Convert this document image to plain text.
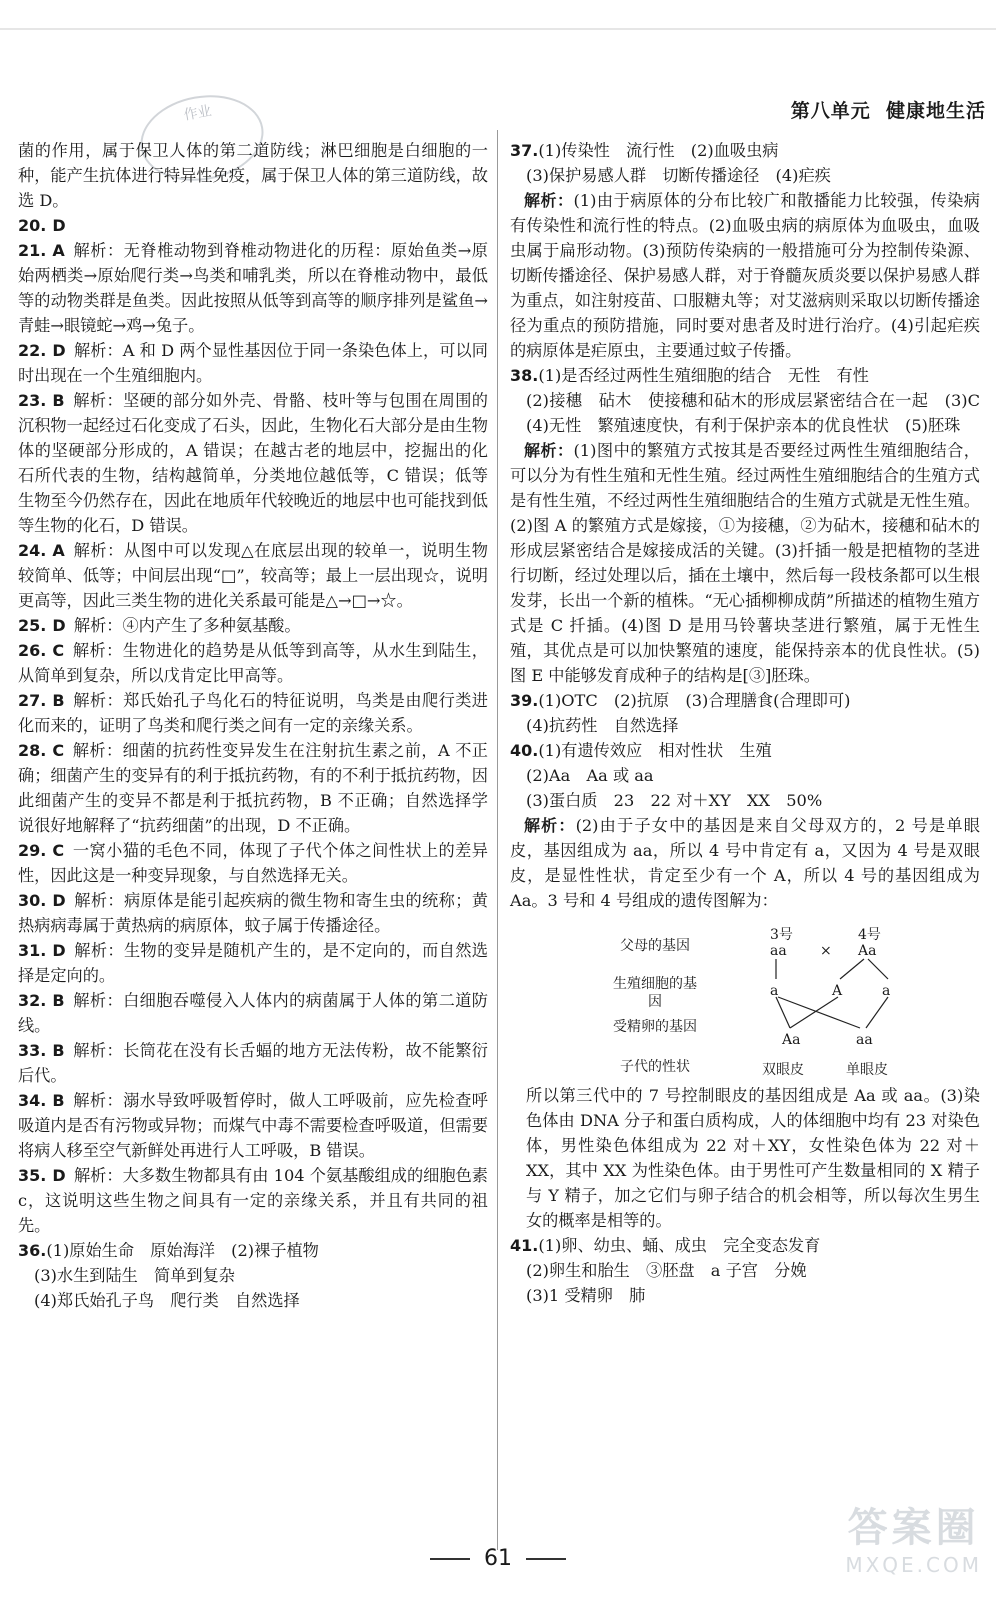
作业	第八单元 健康地生活

菌的作用，属于保卫人体的第二道防线；淋巴细胞是白细胞的一种，能产生抗体进行特异性免疫，属于保卫人体的第三道防线，故选 D。

20. D 

21. A  解析：无脊椎动物到脊椎动物进化的历程：原始鱼类→原始两栖类→原始爬行类→鸟类和哺乳类，所以在脊椎动物中，最低等的动物类群是鱼类。因此按照从低等到高等的顺序排列是鲨鱼→青蛙→眼镜蛇→鸡→兔子。

22. D  解析：A 和 D 两个显性基因位于同一条染色体上，可以同时出现在一个生殖细胞内。

23. B  解析：坚硬的部分如外壳、骨骼、枝叶等与包围在周围的沉积物一起经过石化变成了石头，因此，生物化石大部分是由生物体的坚硬部分形成的，A 错误；在越古老的地层中，挖掘出的化石所代表的生物，结构越简单，分类地位越低等，C 错误；低等生物至今仍然存在，因此在地质年代较晚近的地层中也可能找到低等生物的化石，D 错误。

24. A  解析：从图中可以发现△在底层出现的较单一，说明生物较简单、低等；中间层出现“□”，较高等；最上一层出现☆，说明更高等，因此三类生物的进化关系最可能是△→□→☆。

25. D  解析：④内产生了多种氨基酸。

26. C  解析：生物进化的趋势是从低等到高等，从水生到陆生，从简单到复杂，所以戊肯定比甲高等。

27. B  解析：郑氏始孔子鸟化石的特征说明，鸟类是由爬行类进化而来的，证明了鸟类和爬行类之间有一定的亲缘关系。

28. C  解析：细菌的抗药性变异发生在注射抗生素之前，A 不正确；细菌产生的变异有的利于抵抗药物，有的不利于抵抗药物，因此细菌产生的变异不都是利于抵抗药物，B 不正确；自然选择学说很好地解释了“抗药细菌”的出现，D 不正确。

29. C  一窝小猫的毛色不同，体现了子代个体之间性状上的差异性，因此这是一种变异现象，与自然选择无关。

30. D  解析：病原体是能引起疾病的微生物和寄生虫的统称；黄热病病毒属于黄热病的病原体，蚊子属于传播途径。

31. D  解析：生物的变异是随机产生的，是不定向的，而自然选择是定向的。

32. B  解析：白细胞吞噬侵入人体内的病菌属于人体的第二道防线。

33. B  解析：长筒花在没有长舌蝠的地方无法传粉，故不能繁衍后代。

34. B  解析：溺水导致呼吸暂停时，做人工呼吸前，应先检查呼吸道内是否有污物或异物；而煤气中毒不需要检查呼吸道，但需要将病人移至空气新鲜处再进行人工呼吸，B 错误。

35. D  解析：大多数生物都具有由 104 个氨基酸组成的细胞色素 c，这说明这些生物之间具有一定的亲缘关系，并且有共同的祖先。

36.(1)原始生命　原始海洋　(2)裸子植物

(3)水生到陆生　简单到复杂

(4)郑氏始孔子鸟　爬行类　自然选择

37.(1)传染性　流行性　(2)血吸虫病

(3)保护易感人群　切断传播途径　(4)疟疾

解析：(1)由于病原体的分布比较广和散播能力比较强，传染病有传染性和流行性的特点。(2)血吸虫病的病原体为血吸虫，血吸虫属于扁形动物。(3)预防传染病的一般措施可分为控制传染源、切断传播途径、保护易感人群，对于脊髓灰质炎要以保护易感人群为重点，如注射疫苗、口服糖丸等；对艾滋病则采取以切断传播途径为重点的预防措施，同时要对患者及时进行治疗。(4)引起疟疾的病原体是疟原虫，主要通过蚊子传播。

38.(1)是否经过两性生殖细胞的结合　无性　有性

(2)接穗　砧木　使接穗和砧木的形成层紧密结合在一起　(3)C　(4)无性　繁殖速度快，有利于保护亲本的优良性状　(5)胚珠

解析：(1)图中的繁殖方式按其是否要经过两性生殖细胞结合，可以分为有性生殖和无性生殖。经过两性生殖细胞结合的生殖方式是有性生殖，不经过两性生殖细胞结合的生殖方式就是无性生殖。(2)图 A 的繁殖方式是嫁接，①为接穗，②为砧木，接穗和砧木的形成层紧密结合是嫁接成活的关键。(3)扦插一般是把植物的茎进行切断，经过处理以后，插在土壤中，然后每一段枝条都可以生根发芽，长出一个新的植株。“无心插柳柳成荫”所描述的植物生殖方式是 C 扦插。(4)图 D 是用马铃薯块茎进行繁殖，属于无性生殖，其优点是可以加快繁殖的速度，能保持亲本的优良性状。(5)图 E 中能够发育成种子的结构是[③]胚珠。

39.(1)OTC　(2)抗原　(3)合理膳食(合理即可)

(4)抗药性　自然选择

40.(1)有遗传效应　相对性状　生殖

(2)Aa　Aa 或 aa

(3)蛋白质　23　22 对＋XY　XX　50%

解析：(2)由于子女中的基因是来自父母双方的，2 号是单眼皮，基因组成为 aa，所以 4 号中肯定有 a，又因为 4 号是双眼皮，是显性性状，肯定至少有一个 A，所以 4 号的基因组成为 Aa。3 号和 4 号组成的遗传图解为：

父母的基因
生殖细胞的基因
受精卵的基因
子代的性状
3号
aa ×
4号
Aa
a	A	a
Aa	aa
双眼皮	单眼皮

所以第三代中的 7 号控制眼皮的基因组成是 Aa 或 aa。(3)染色体由 DNA 分子和蛋白质构成，人的体细胞中均有 23 对染色体，男性染色体组成为 22 对＋XY，女性染色体为 22 对＋XX，其中 XX 为性染色体。由于男性可产生数量相同的 X 精子与 Y 精子，加之它们与卵子结合的机会相等，所以每次生男生女的概率是相等的。

41.(1)卵、幼虫、蛹、成虫　完全变态发育

(2)卵生和胎生　③胚盘　a 子宫　分娩

(3)1 受精卵　肺

61
答案圈
MXQE.COM
